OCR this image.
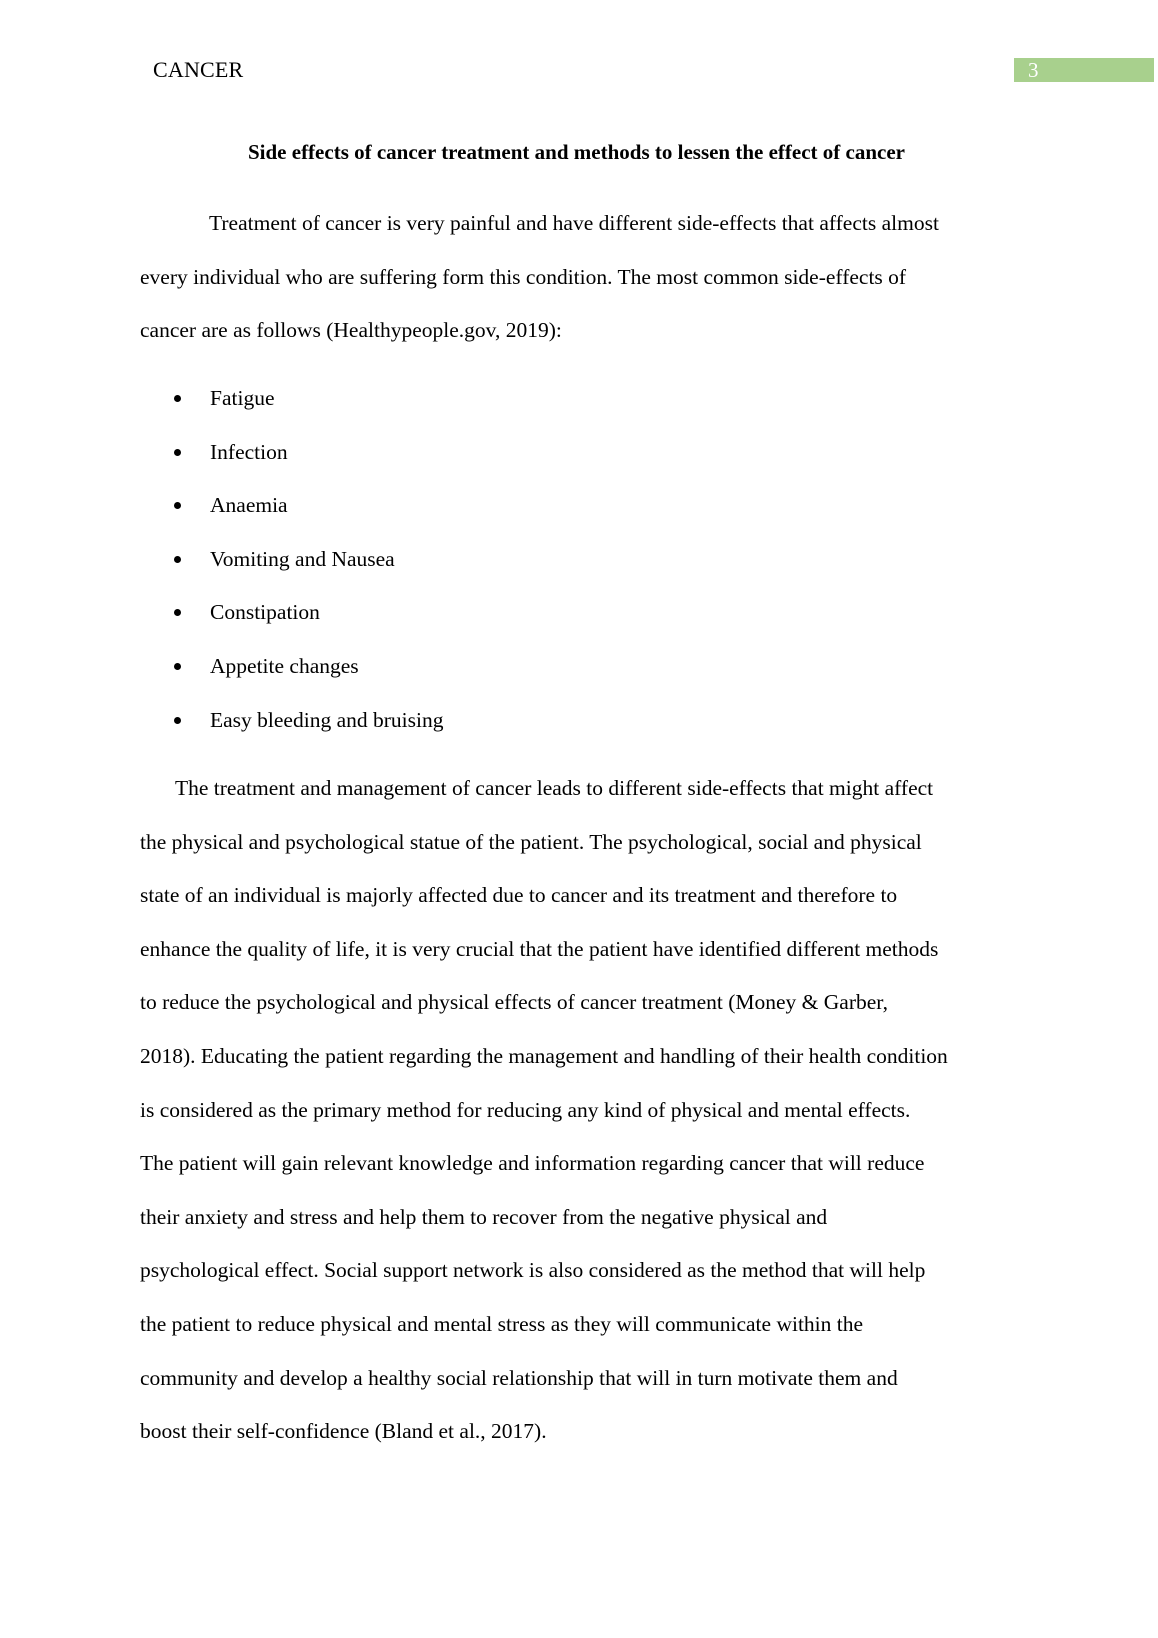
CANCER	3
Side effects of cancer treatment and methods to lessen the effect of cancer

Treatment of cancer is very painful and have different side-effects that affects almost
every individual who are suffering form this condition. The most common side-effects of
cancer are as follows (Healthypeople.gov, 2019):

Fatigue
Infection
Anaemia
Vomiting and Nausea
Constipation
Appetite changes
Easy bleeding and bruising

The treatment and management of cancer leads to different side-effects that might affect
the physical and psychological statue of the patient. The psychological, social and physical
state of an individual is majorly affected due to cancer and its treatment and therefore to
enhance the quality of life, it is very crucial that the patient have identified different methods
to reduce the psychological and physical effects of cancer treatment (Money & Garber,
2018). Educating the patient regarding the management and handling of their health condition
is considered as the primary method for reducing any kind of physical and mental effects.
The patient will gain relevant knowledge and information regarding cancer that will reduce
their anxiety and stress and help them to recover from the negative physical and
psychological effect. Social support network is also considered as the method that will help
the patient to reduce physical and mental stress as they will communicate within the
community and develop a healthy social relationship that will in turn motivate them and
boost their self-confidence (Bland et al., 2017).
